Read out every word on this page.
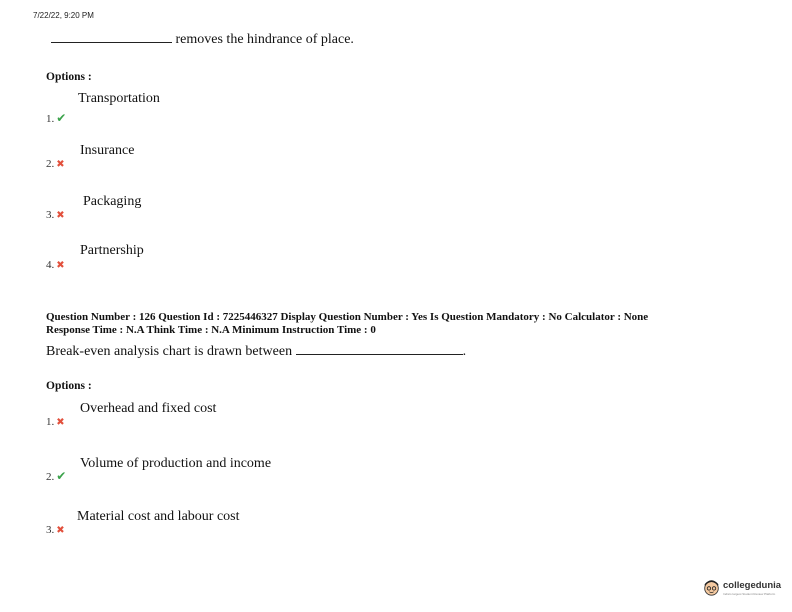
7/22/22, 9:20 PM
removes the hindrance of place.
Options :
Transportation
1. ✔
Insurance
2. ✖
Packaging
3. ✖
Partnership
4. ✖
Question Number : 126 Question Id : 7225446327 Display Question Number : Yes Is Question Mandatory : No Calculator : None
Response Time : N.A Think Time : N.A Minimum Instruction Time : 0
Break-even analysis chart is drawn between	.
Options :
Overhead and fixed cost
1. ✖
Volume of production and income
2. ✔
Material cost and labour cost
3. ✖
collegedunia
India's largest Student Review Platform
